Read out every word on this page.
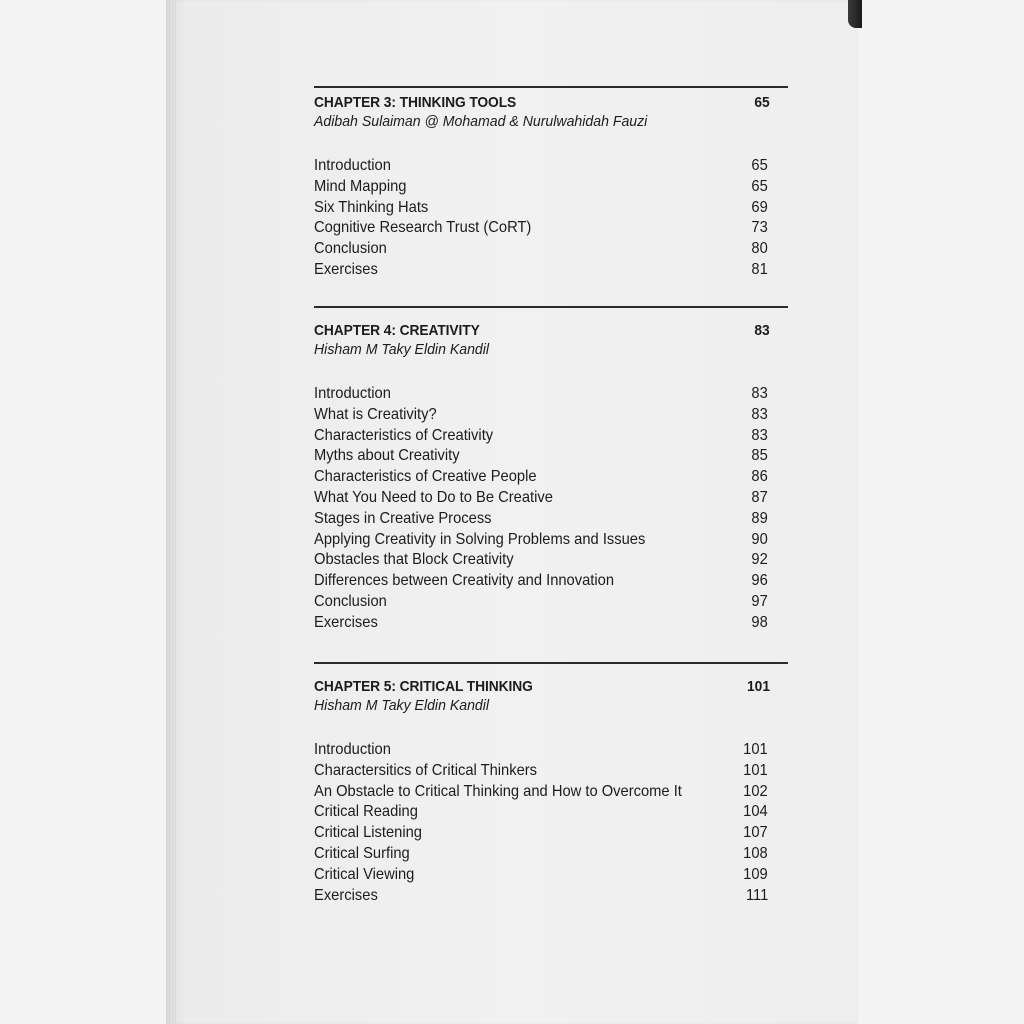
CHAPTER 3: THINKING TOOLS	65
Adibah Sulaiman @ Mohamad & Nurulwahidah Fauzi
Introduction	65
Mind Mapping	65
Six Thinking Hats	69
Cognitive Research Trust (CoRT)	73
Conclusion	80
Exercises	81
CHAPTER 4: CREATIVITY	83
Hisham M Taky Eldin Kandil
Introduction	83
What is Creativity?	83
Characteristics of Creativity	83
Myths about Creativity	85
Characteristics of Creative People	86
What You Need to Do to Be Creative	87
Stages in Creative Process	89
Applying Creativity in Solving Problems and Issues	90
Obstacles that Block Creativity	92
Differences between Creativity and Innovation	96
Conclusion	97
Exercises	98
CHAPTER 5: CRITICAL THINKING	101
Hisham M Taky Eldin Kandil
Introduction	101
Charactersitics of Critical Thinkers	101
An Obstacle to Critical Thinking and How to Overcome It	102
Critical Reading	104
Critical Listening	107
Critical Surfing	108
Critical Viewing	109
Exercises	111
